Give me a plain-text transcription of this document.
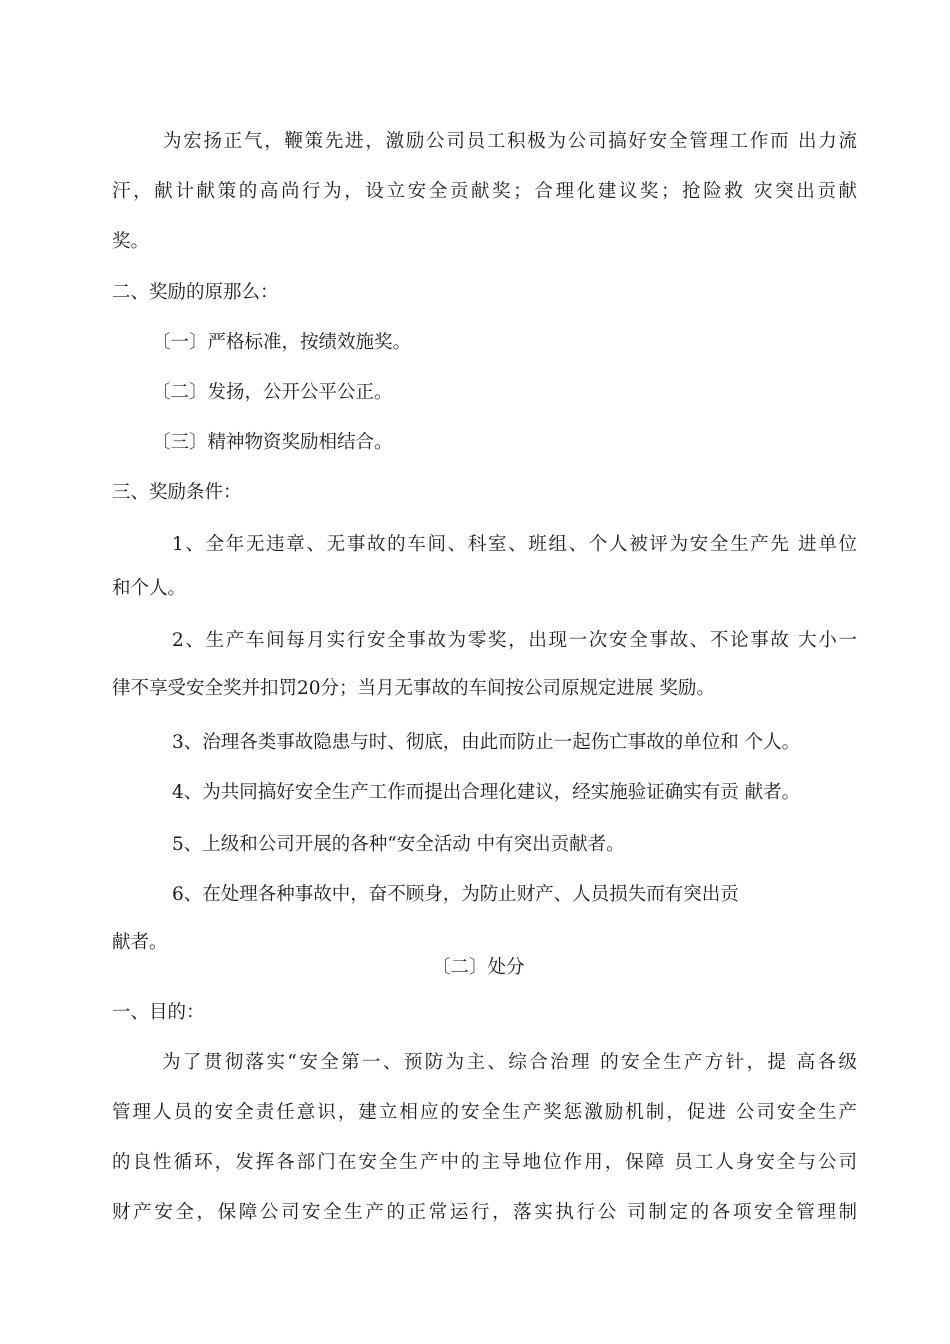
为宏扬正气，鞭策先进，激励公司员工积极为公司搞好安全管理工作而 出力流

汗，献计献策的高尚行为，设立安全贡献奖；合理化建议奖；抢险救 灾突出贡献

奖。

二、奖励的原那么：

〔一〕严格标准，按绩效施奖。

〔二〕发扬，公开公平公正。

〔三〕精神物资奖励相结合。

三、奖励条件：

1、全年无违章、无事故的车间、科室、班组、个人被评为安全生产先 进单位

和个人。

2、生产车间每月实行安全事故为零奖，出现一次安全事故、不论事故 大小一

律不享受安全奖并扣罚20分；当月无事故的车间按公司原规定进展 奖励。

3、治理各类事故隐患与时、彻底，由此而防止一起伤亡事故的单位和 个人。

4、为共同搞好安全生产工作而提出合理化建议，经实施验证确实有贡 献者。

5、上级和公司开展的各种“安全活动 中有突出贡献者。

6、在处理各种事故中，奋不顾身，为防止财产、人员损失而有突出贡

献者。

〔二〕处分

一、目的：

为了贯彻落实“安全第一、预防为主、综合治理 的安全生产方针，提 高各级

管理人员的安全责任意识，建立相应的安全生产奖惩激励机制，促进 公司安全生产

的良性循环，发挥各部门在安全生产中的主导地位作用，保障 员工人身安全与公司

财产安全，保障公司安全生产的正常运行，落实执行公 司制定的各项安全管理制
